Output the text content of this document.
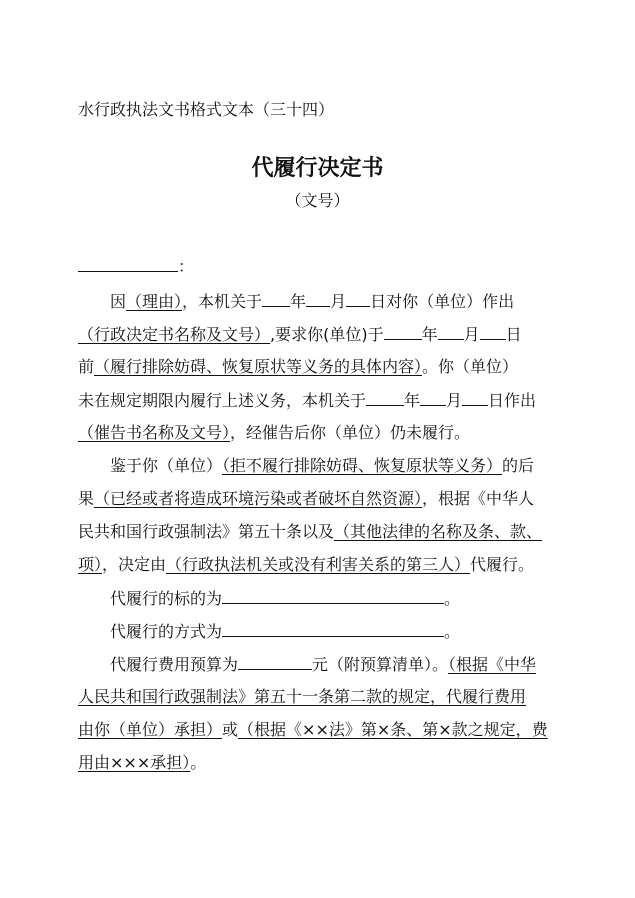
水行政执法文书格式文本（三十四）
代履行决定书
（文号）
：
因（理由），本机关于 年 月 日对你（单位）作出
（行政决定书名称及文号）,要求你(单位)于 年 月 日
前（履行排除妨碍、恢复原状等义务的具体内容）。你（单位）
未在规定期限内履行上述义务，本机关于 年 月 日作出
（催告书名称及文号），经催告后你（单位）仍未履行。
鉴于你（单位）（拒不履行排除妨碍、恢复原状等义务）的后
果（已经或者将造成环境污染或者破坏自然资源），根据《中华人
民共和国行政强制法》第五十条以及（其他法律的名称及条、款、
项），决定由（行政执法机关或没有利害关系的第三人）代履行。
代履行的标的为	。
代履行的方式为	。
代履行费用预算为	元（附预算清单）。（根据《中华
人民共和国行政强制法》第五十一条第二款的规定，代履行费用
由你（单位）承担）或（根据《××法》第×条、第×款之规定，费
用由×××承担）。
